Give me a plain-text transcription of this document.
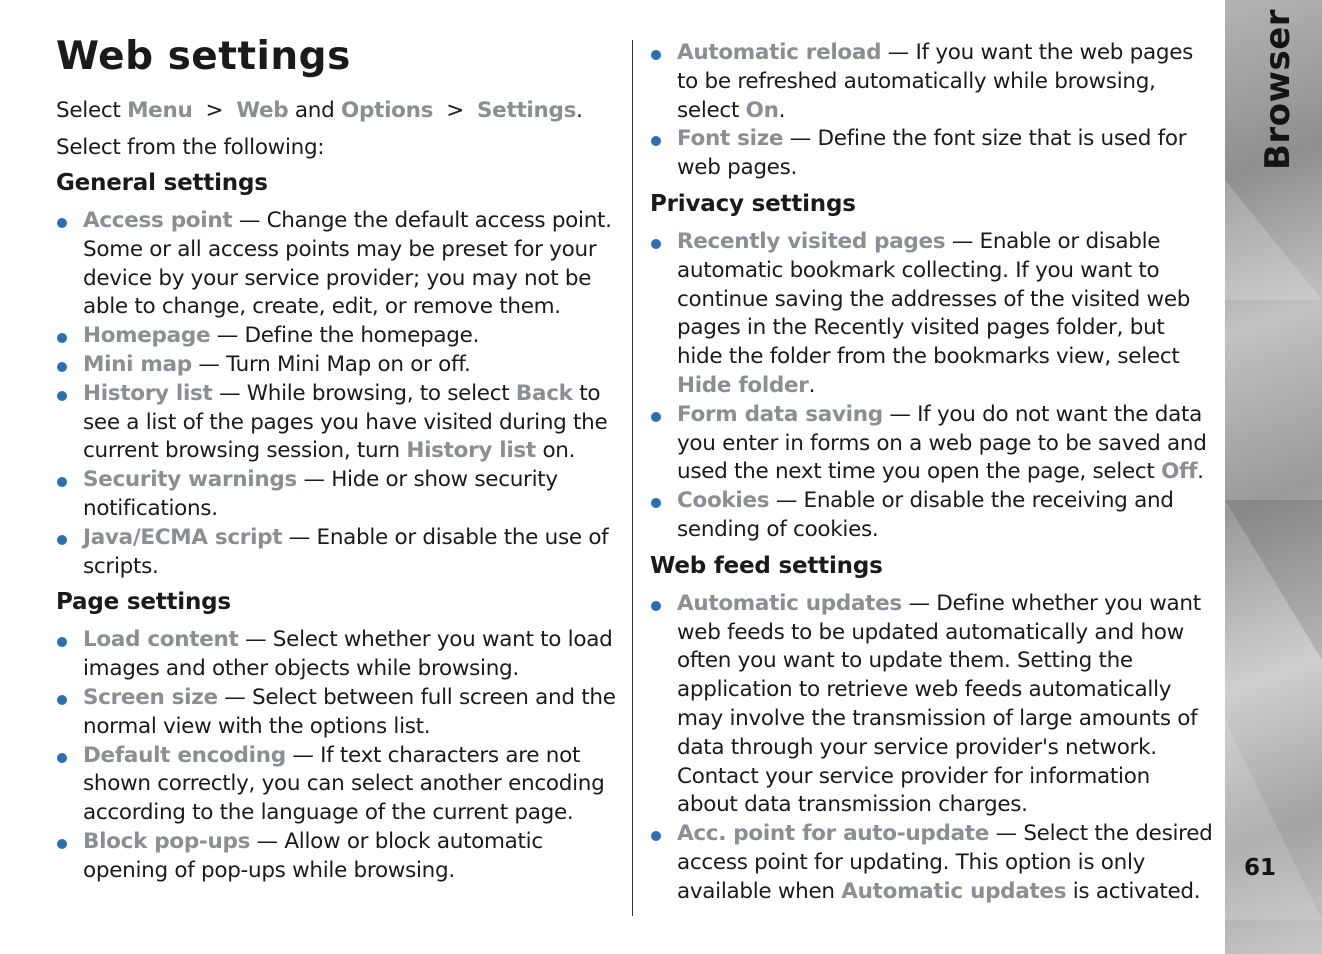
Web settings

Select Menu > Web and Options > Settings.

Select from the following:

General settings
Access point — Change the default access point. Some or all access points may be preset for your device by your service provider; you may not be able to change, create, edit, or remove them.
Homepage — Define the homepage.
Mini map — Turn Mini Map on or off.
History list — While browsing, to select Back to see a list of the pages you have visited during the current browsing session, turn History list on.
Security warnings — Hide or show security notifications.
Java/ECMA script — Enable or disable the use of scripts.
Page settings
Load content — Select whether you want to load images and other objects while browsing.
Screen size — Select between full screen and the normal view with the options list.
Default encoding — If text characters are not shown correctly, you can select another encoding according to the language of the current page.
Block pop-ups — Allow or block automatic opening of pop-ups while browsing.
Automatic reload — If you want the web pages to be refreshed automatically while browsing, select On.
Font size — Define the font size that is used for web pages.
Privacy settings
Recently visited pages — Enable or disable automatic bookmark collecting. If you want to continue saving the addresses of the visited web pages in the Recently visited pages folder, but hide the folder from the bookmarks view, select Hide folder.
Form data saving — If you do not want the data you enter in forms on a web page to be saved and used the next time you open the page, select Off.
Cookies — Enable or disable the receiving and sending of cookies.
Web feed settings
Automatic updates — Define whether you want web feeds to be updated automatically and how often you want to update them. Setting the application to retrieve web feeds automatically may involve the transmission of large amounts of data through your service provider's network. Contact your service provider for information about data transmission charges.
Acc. point for auto-update — Select the desired access point for updating. This option is only available when Automatic updates is activated.
Browser
61
